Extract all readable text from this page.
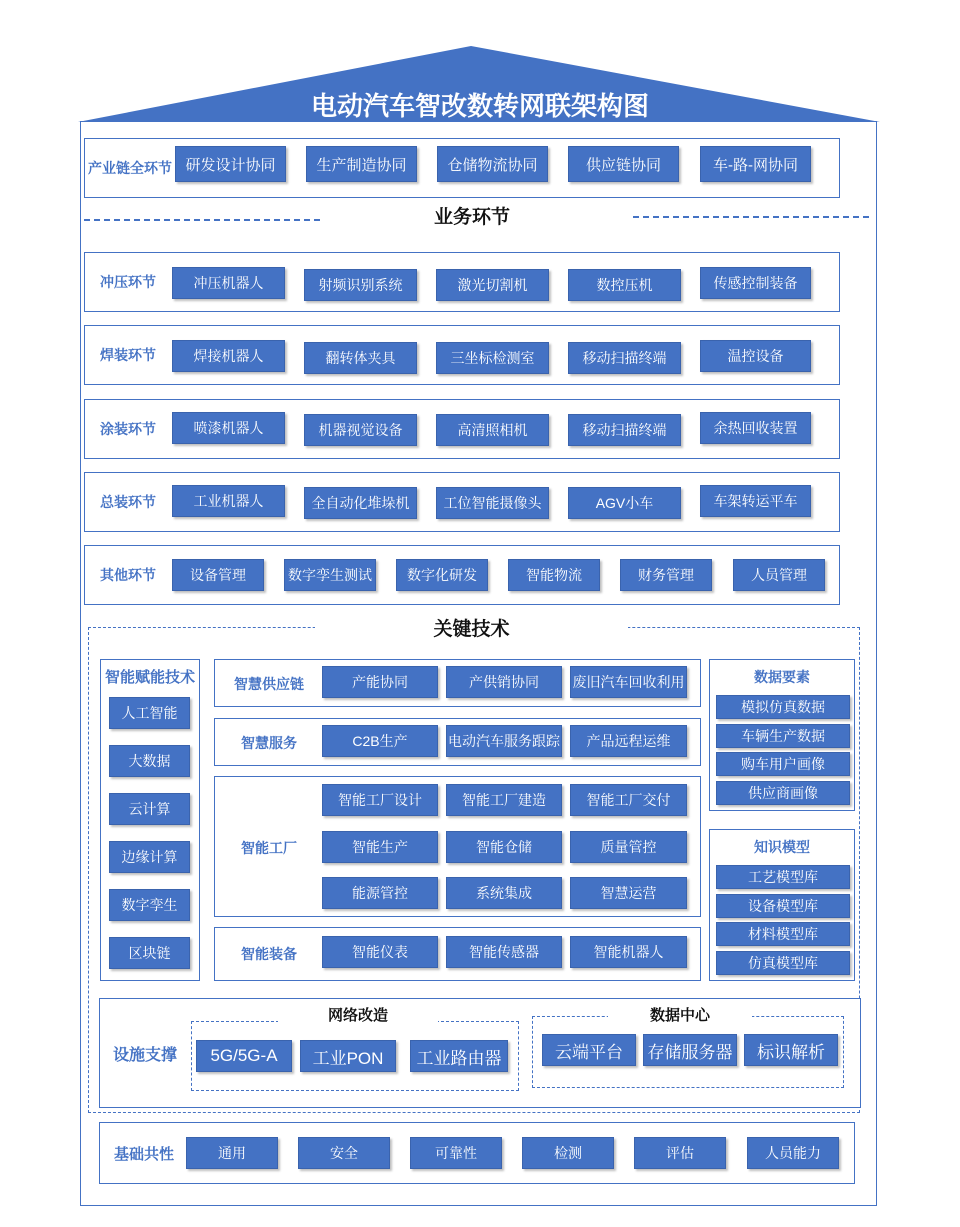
电动汽车智改数转网联架构图
产业链全环节 研发设计协同	生产制造协同	仓储物流协同	供应链协同	车-路-网协同
业务环节
冲压环节	冲压机器人	射频识别系统	激光切割机	数控压机	传感控制装备
焊装环节	焊接机器人	翻转体夹具	三坐标检测室	移动扫描终端	温控设备
涂装环节	喷漆机器人	机器视觉设备	高清照相机	移动扫描终端	余热回收装置
总装环节	工业机器人	全自动化堆垛机	工位智能摄像头	AGV小车	车架转运平车
其他环节	设备管理	数字孪生测试	数字化研发	智能物流	财务管理	人员管理
关键技术
智能赋能技术
人工智能
大数据
云计算
边缘计算
数字孪生
区块链
智慧供应链	产能协同	产供销协同	废旧汽车回收利用
智慧服务	C2B生产	电动汽车服务跟踪	产品远程运维
智能工厂
智能工厂设计	智能工厂建造	智能工厂交付
智能生产	智能仓储	质量管控
能源管控	系统集成	智慧运营
智能装备	智能仪表	智能传感器	智能机器人
数据要素
模拟仿真数据
车辆生产数据
购车用户画像
供应商画像
知识模型
工艺模型库
设备模型库
材料模型库
仿真模型库
设施支撑
网络改造
5G/5G-A	工业PON	工业路由器
数据中心
云端平台	存储服务器	标识解析
基础共性	通用	安全	可靠性	检测	评估	人员能力
